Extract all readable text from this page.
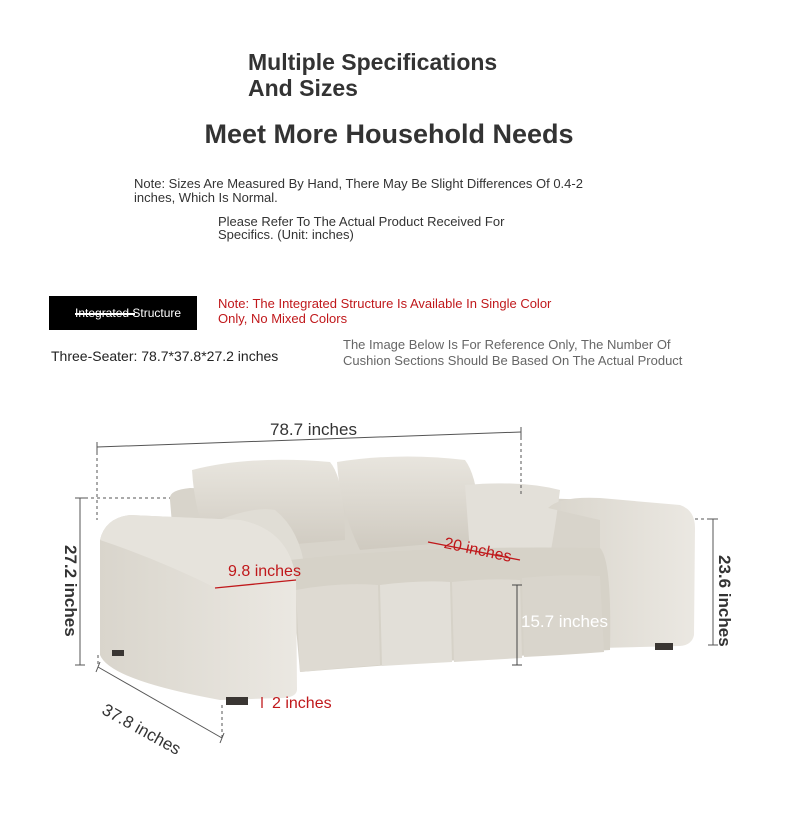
Multiple Specifications
And Sizes
Meet More Household Needs
Note: Sizes Are Measured By Hand, There May Be Slight Differences Of 0.4-2
inches, Which Is Normal.
Please Refer To The Actual Product Received For
Specifics. (Unit: inches)
Integrated Structure
Note: The Integrated Structure Is Available In Single Color
Only, No Mixed Colors
Three-Seater: 78.7*37.8*27.2 inches
The Image Below Is For Reference Only, The Number Of
Cushion Sections Should Be Based On The Actual Product
78.7 inches
37.8 inches
27.2 inches	23.6 inches
20 inches
9.8 inches
15.7 inches
2 inches
